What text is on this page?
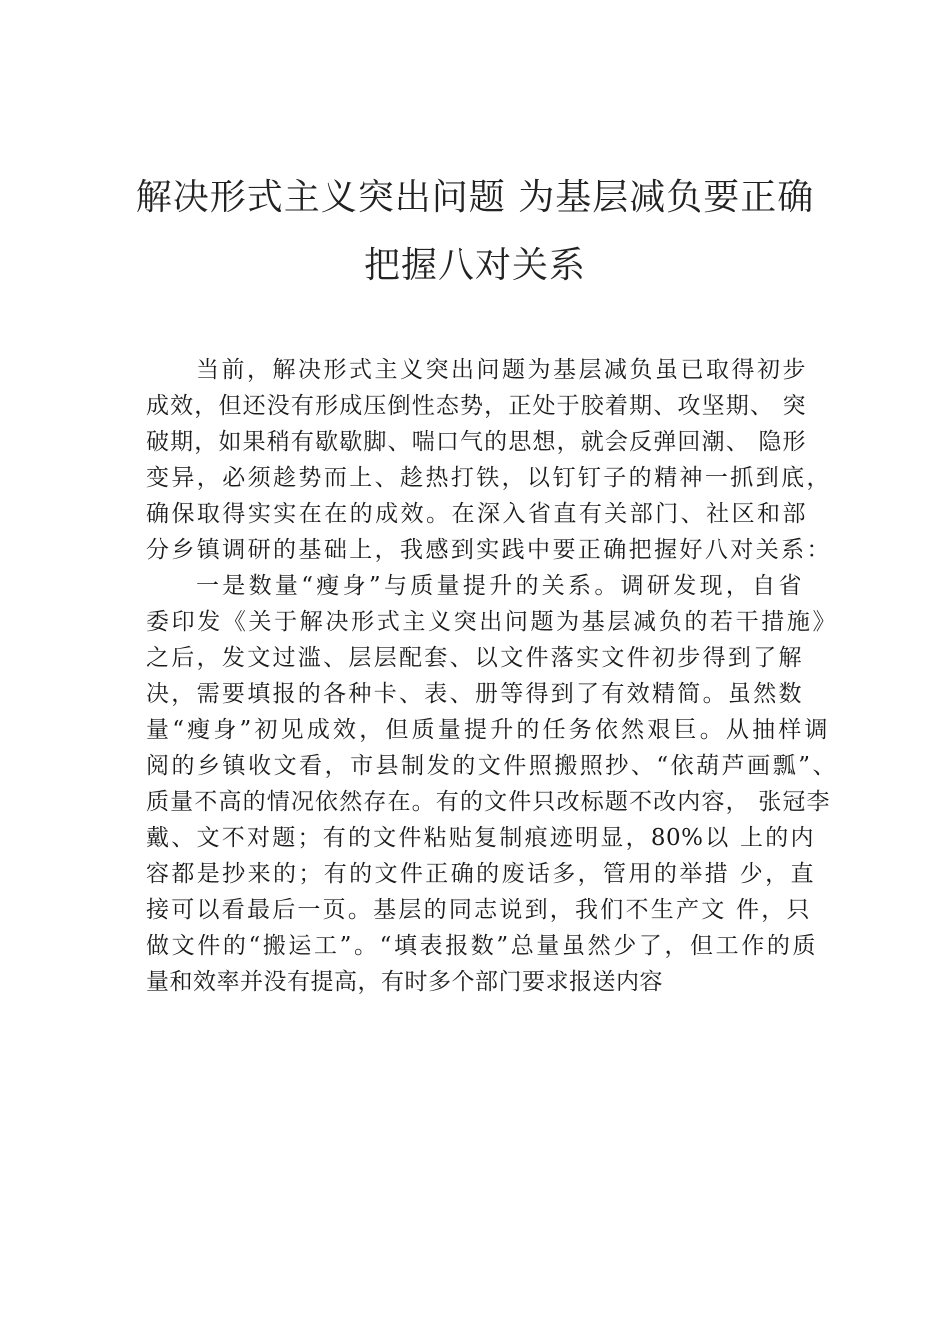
解决形式主义突出问题 为基层减负要正确
把握八对关系
当前，解决形式主义突出问题为基层减负虽已取得初步
成效，但还没有形成压倒性态势，正处于胶着期、攻坚期、 突
破期，如果稍有歇歇脚、喘口气的思想，就会反弹回潮、 隐形
变异，必须趁势而上、趁热打铁，以钉钉子的精神一抓到底，
确保取得实实在在的成效。在深入省直有关部门、社区和部
分乡镇调研的基础上，我感到实践中要正确把握好八对关系：
一是数量“瘦身”与质量提升的关系。调研发现，自省
委印发《关于解决形式主义突出问题为基层减负的若干措施》
之后，发文过滥、层层配套、以文件落实文件初步得到了解
决，需要填报的各种卡、表、册等得到了有效精简。虽然数
量“瘦身”初见成效，但质量提升的任务依然艰巨。从抽样调
阅的乡镇收文看，市县制发的文件照搬照抄、“依葫芦画瓢”、
质量不高的情况依然存在。有的文件只改标题不改内容， 张冠李
戴、文不对题；有的文件粘贴复制痕迹明显，80%以 上的内
容都是抄来的；有的文件正确的废话多，管用的举措 少，直
接可以看最后一页。基层的同志说到，我们不生产文 件，只
做文件的“搬运工”。“填表报数”总量虽然少了，但工作的质
量和效率并没有提高，有时多个部门要求报送内容
